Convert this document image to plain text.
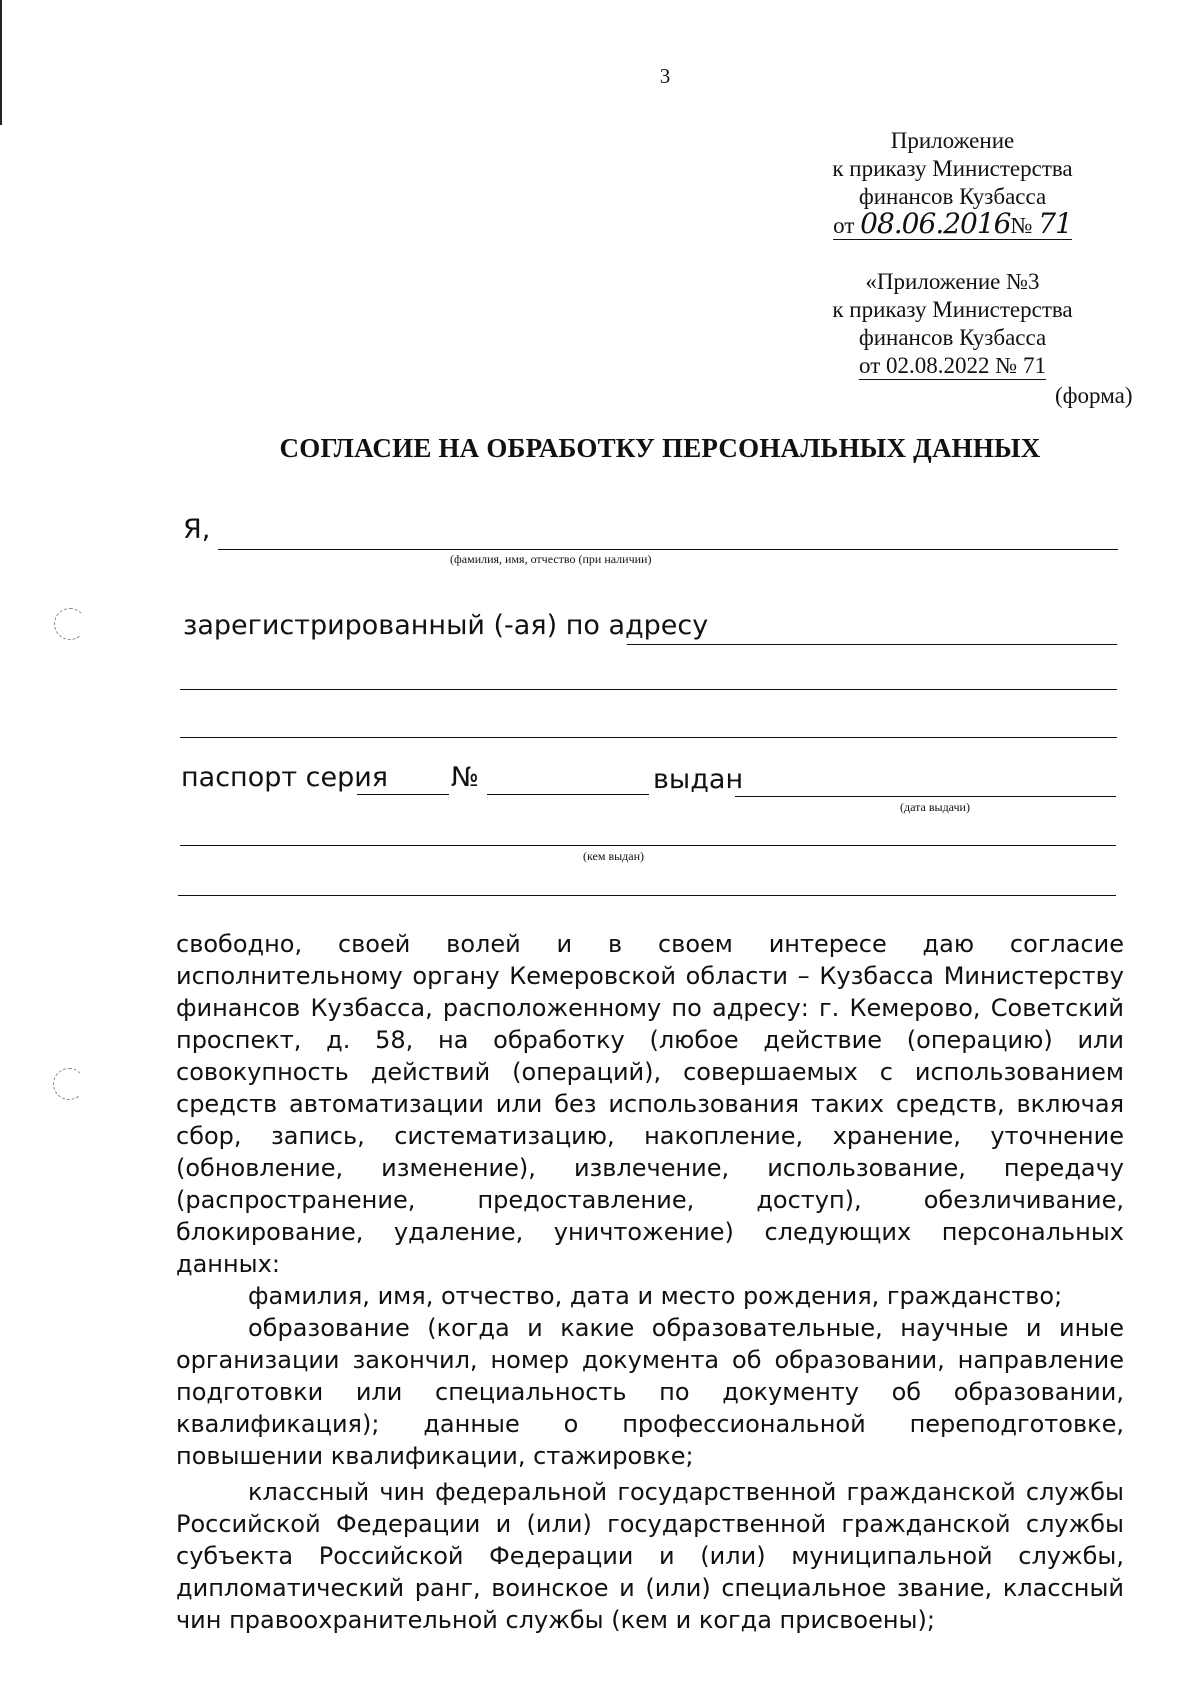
3
Приложение
к приказу Министерства
финансов Кузбасса
от 08.06.2016№ 71
«Приложение №3
к приказу Министерства
финансов Кузбасса
от 02.08.2022 № 71
(форма)
СОГЛАСИЕ НА ОБРАБОТКУ ПЕРСОНАЛЬНЫХ ДАННЫХ
Я,
(фамилия, имя, отчество (при наличии)
зарегистрированный (-ая) по адресу
паспорт серия №	выдан
(дата выдачи)
(кем выдан)

свободно, своей волей и в своем интересе даю согласие исполнительному органу Кемеровской области – Кузбасса Министерству финансов Кузбасса, расположенному по адресу: г. Кемерово, Советский проспект, д. 58, на обработку (любое действие (операцию) или совокупность действий (операций), совершаемых с использованием средств автоматизации или без использования таких средств, включая сбор, запись, систематизацию, накопление, хранение, уточнение (обновление, изменение), извлечение, использование, передачу (распространение, предоставление, доступ), обезличивание, блокирование, удаление, уничтожение) следующих персональных данных:

фамилия, имя, отчество, дата и место рождения, гражданство;

образование (когда и какие образовательные, научные и иные организации закончил, номер документа об образовании, направление подготовки или специальность по документу об образовании, квалификация); данные о профессиональной переподготовке, повышении квалификации, стажировке;

классный чин федеральной государственной гражданской службы Российской Федерации и (или) государственной гражданской службы субъекта Российской Федерации и (или) муниципальной службы, дипломатический ранг, воинское и (или) специальное звание, классный чин правоохранительной службы (кем и когда присвоены);
